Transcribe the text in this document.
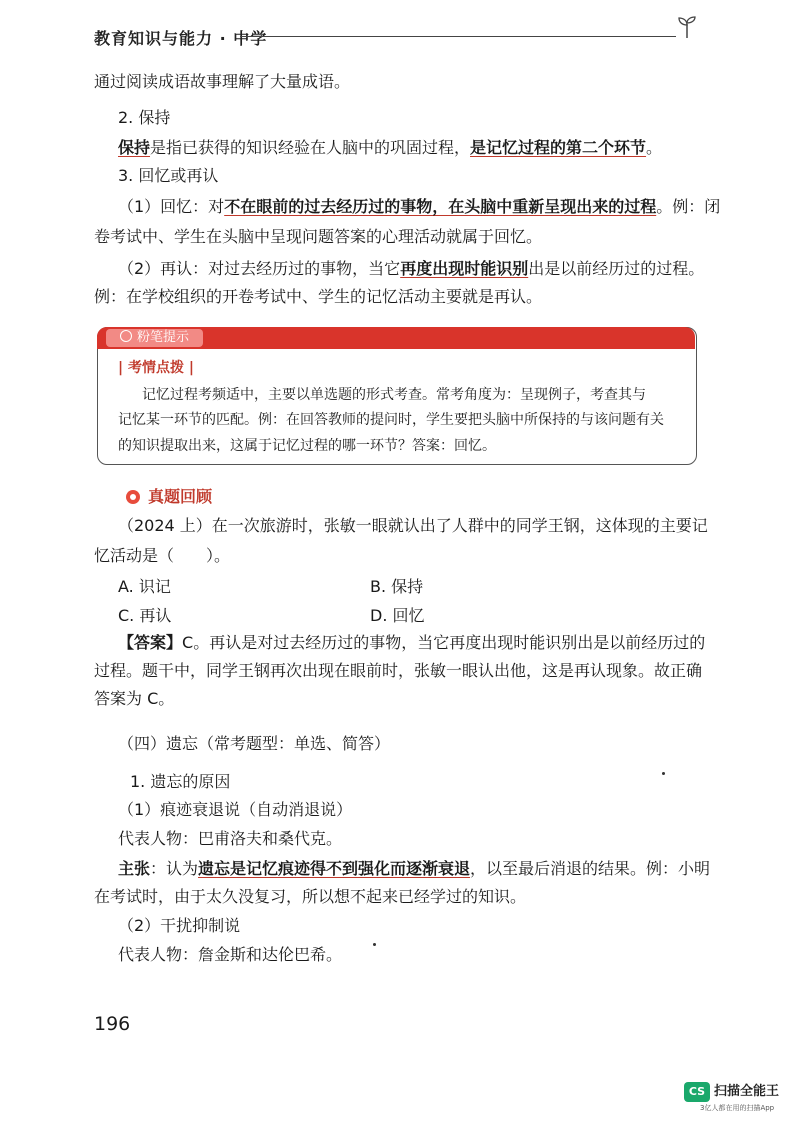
教育知识与能力 · 中学
通过阅读成语故事理解了大量成语。
2. 保持
保持是指已获得的知识经验在人脑中的巩固过程，是记忆过程的第二个环节。
3. 回忆或再认
（1）回忆：对不在眼前的过去经历过的事物，在头脑中重新呈现出来的过程。例：闭
卷考试中、学生在头脑中呈现问题答案的心理活动就属于回忆。
（2）再认：对过去经历过的事物，当它再度出现时能识别出是以前经历过的过程。
例：在学校组织的开卷考试中、学生的记忆活动主要就是再认。
粉笔提示
| 考情点拨 |
记忆过程考频适中，主要以单选题的形式考查。常考角度为：呈现例子，考查其与
记忆某一环节的匹配。例：在回答教师的提问时，学生要把头脑中所保持的与该问题有关
的知识提取出来，这属于记忆过程的哪一环节？答案：回忆。
真题回顾
（2024 上）在一次旅游时，张敏一眼就认出了人群中的同学王钢，这体现的主要记
忆活动是（　　）。
A. 识记	B. 保持
C. 再认	D. 回忆
【答案】C。再认是对过去经历过的事物，当它再度出现时能识别出是以前经历过的
过程。题干中，同学王钢再次出现在眼前时，张敏一眼认出他，这是再认现象。故正确
答案为 C。
（四）遗忘（常考题型：单选、简答）
1. 遗忘的原因
（1）痕迹衰退说（自动消退说）
代表人物：巴甫洛夫和桑代克。
主张：认为遗忘是记忆痕迹得不到强化而逐渐衰退，以至最后消退的结果。例：小明
在考试时，由于太久没复习，所以想不起来已经学过的知识。
（2）干扰抑制说
代表人物：詹金斯和达伦巴希。
196
CS 扫描全能王
3亿人都在用的扫描App
